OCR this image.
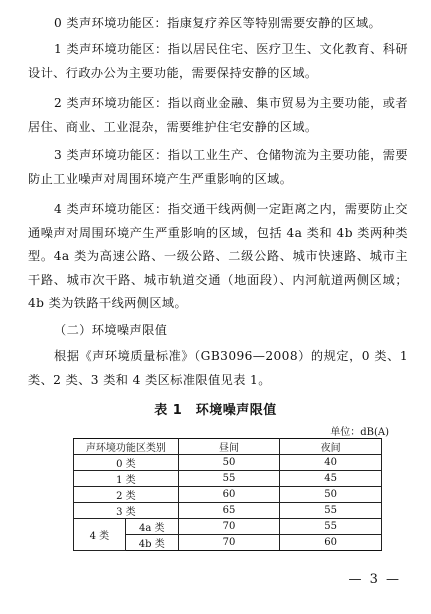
0 类声环境功能区：指康复疗养区等特别需要安静的区域。

1 类声环境功能区：指以居民住宅、医疗卫生、文化教育、科研设计、行政办公为主要功能，需要保持安静的区域。

2 类声环境功能区：指以商业金融、集市贸易为主要功能，或者居住、商业、工业混杂，需要维护住宅安静的区域。

3 类声环境功能区：指以工业生产、仓储物流为主要功能，需要防止工业噪声对周围环境产生严重影响的区域。

4 类声环境功能区：指交通干线两侧一定距离之内，需要防止交通噪声对周围环境产生严重影响的区域，包括 4a 类和 4b 类两种类型。4a 类为高速公路、一级公路、二级公路、城市快速路、城市主干路、城市次干路、城市轨道交通（地面段）、内河航道两侧区域；4b 类为铁路干线两侧区域。

（二）环境噪声限值

根据《声环境质量标准》（GB3096—2008）的规定，0 类、1 类、2 类、3 类和 4 类区标准限值见表 1。

表 1　环境噪声限值
单位：dB(A)
声环境功能区类别		昼间	夜间
0 类		50	40
1 类		55	45
2 类		60	50
3 类		65	55
4 类	4a 类	70	55
	4b 类	70	60
— 3 —
